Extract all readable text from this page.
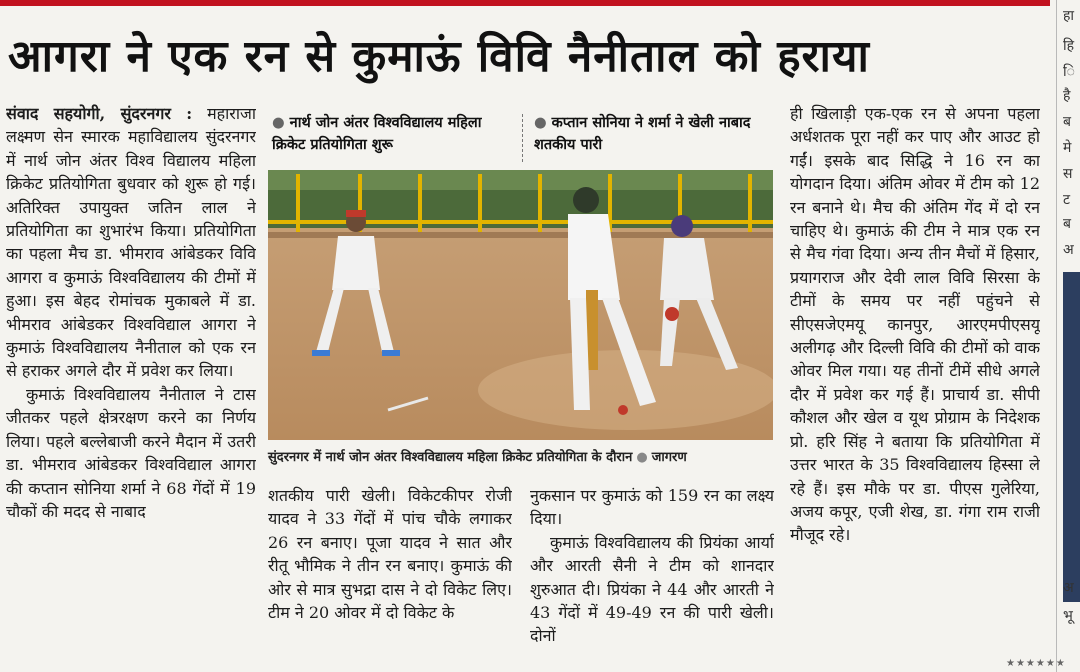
आगरा ने एक रन से कुमाऊं विवि नैनीताल को हराया

संवाद सहयोगी, सुंदरनगर : महाराजा लक्ष्मण सेन स्मारक महाविद्यालय सुंदरनगर में नार्थ जोन अंतर विश्व विद्यालय महिला क्रिकेट प्रतियोगिता बुधवार को शुरू हो गई। अतिरिक्त उपायुक्त जतिन लाल ने प्रतियोगिता का शुभारंभ किया। प्रतियोगिता का पहला मैच डा. भीमराव आंबेडकर विवि आगरा व कुमाऊं विश्वविद्यालय की टीमों में हुआ। इस बेहद रोमांचक मुकाबले में डा. भीमराव आंबेडकर विश्वविद्याल आगरा ने कुमाऊं विश्वविद्यालय नैनीताल को एक रन से हराकर अगले दौर में प्रवेश कर लिया।

कुमाऊं विश्वविद्यालय नैनीताल ने टास जीतकर पहले क्षेत्ररक्षण करने का निर्णय लिया। पहले बल्लेबाजी करने मैदान में उतरी डा. भीमराव आंबेडकर विश्वविद्याल आगरा की कप्तान सोनिया शर्मा ने 68 गेंदों में 19 चौकों की मदद से नाबाद

● नार्थ जोन अंतर विश्वविद्यालय महिला क्रिकेट प्रतियोगिता शुरू
● कप्तान सोनिया ने शर्मा ने खेली नाबाद शतकीय पारी
सुंदरनगर में नार्थ जोन अंतर विश्वविद्यालय महिला क्रिकेट प्रतियोगिता के दौरान ● जागरण

शतकीय पारी खेली। विकेटकीपर रोजी यादव ने 33 गेंदों में पांच चौके लगाकर 26 रन बनाए। पूजा यादव ने सात और रीतू भौमिक ने तीन रन बनाए। कुमाऊं की ओर से मात्र सुभद्रा दास ने दो विकेट लिए। टीम ने 20 ओवर में दो विकेट के

नुकसान पर कुमाऊं को 159 रन का लक्ष्य दिया।

कुमाऊं विश्वविद्यालय की प्रियंका आर्या और आरती सैनी ने टीम को शानदार शुरुआत दी। प्रियंका ने 44 और आरती ने 43 गेंदों में 49-49 रन की पारी खेली। दोनों

ही खिलाड़ी एक-एक रन से अपना पहला अर्धशतक पूरा नहीं कर पाए और आउट हो गईं। इसके बाद सिद्धि ने 16 रन का योगदान दिया। अंतिम ओवर में टीम को 12 रन बनाने थे। मैच की अंतिम गेंद में दो रन चाहिए थे। कुमाऊं की टीम ने मात्र एक रन से मैच गंवा दिया। अन्य तीन मैचों में हिसार, प्रयागराज और देवी लाल विवि सिरसा के टीमों के समय पर नहीं पहुंचने से सीएसजेएमयू कानपुर, आरएमपीएसयू अलीगढ़ और दिल्ली विवि की टीमों को वाक ओवर मिल गया। यह तीनों टीमें सीधे अगले दौर में प्रवेश कर गई हैं। प्राचार्य डा. सीपी कौशल और खेल व यूथ प्रोग्राम के निदेशक प्रो. हरि सिंह ने बताया कि प्रतियोगिता में उत्तर भारत के 35 विश्वविद्यालय हिस्सा ले रहे हैं। इस मौके पर डा. पीएस गुलेरिया, अजय कपूर, एजी शेख, डा. गंगा राम राजी मौजूद रहे।

हा
हि
ि
है
ब
मे
स
ट
ब
अ
अ
भू
★★★★★★
